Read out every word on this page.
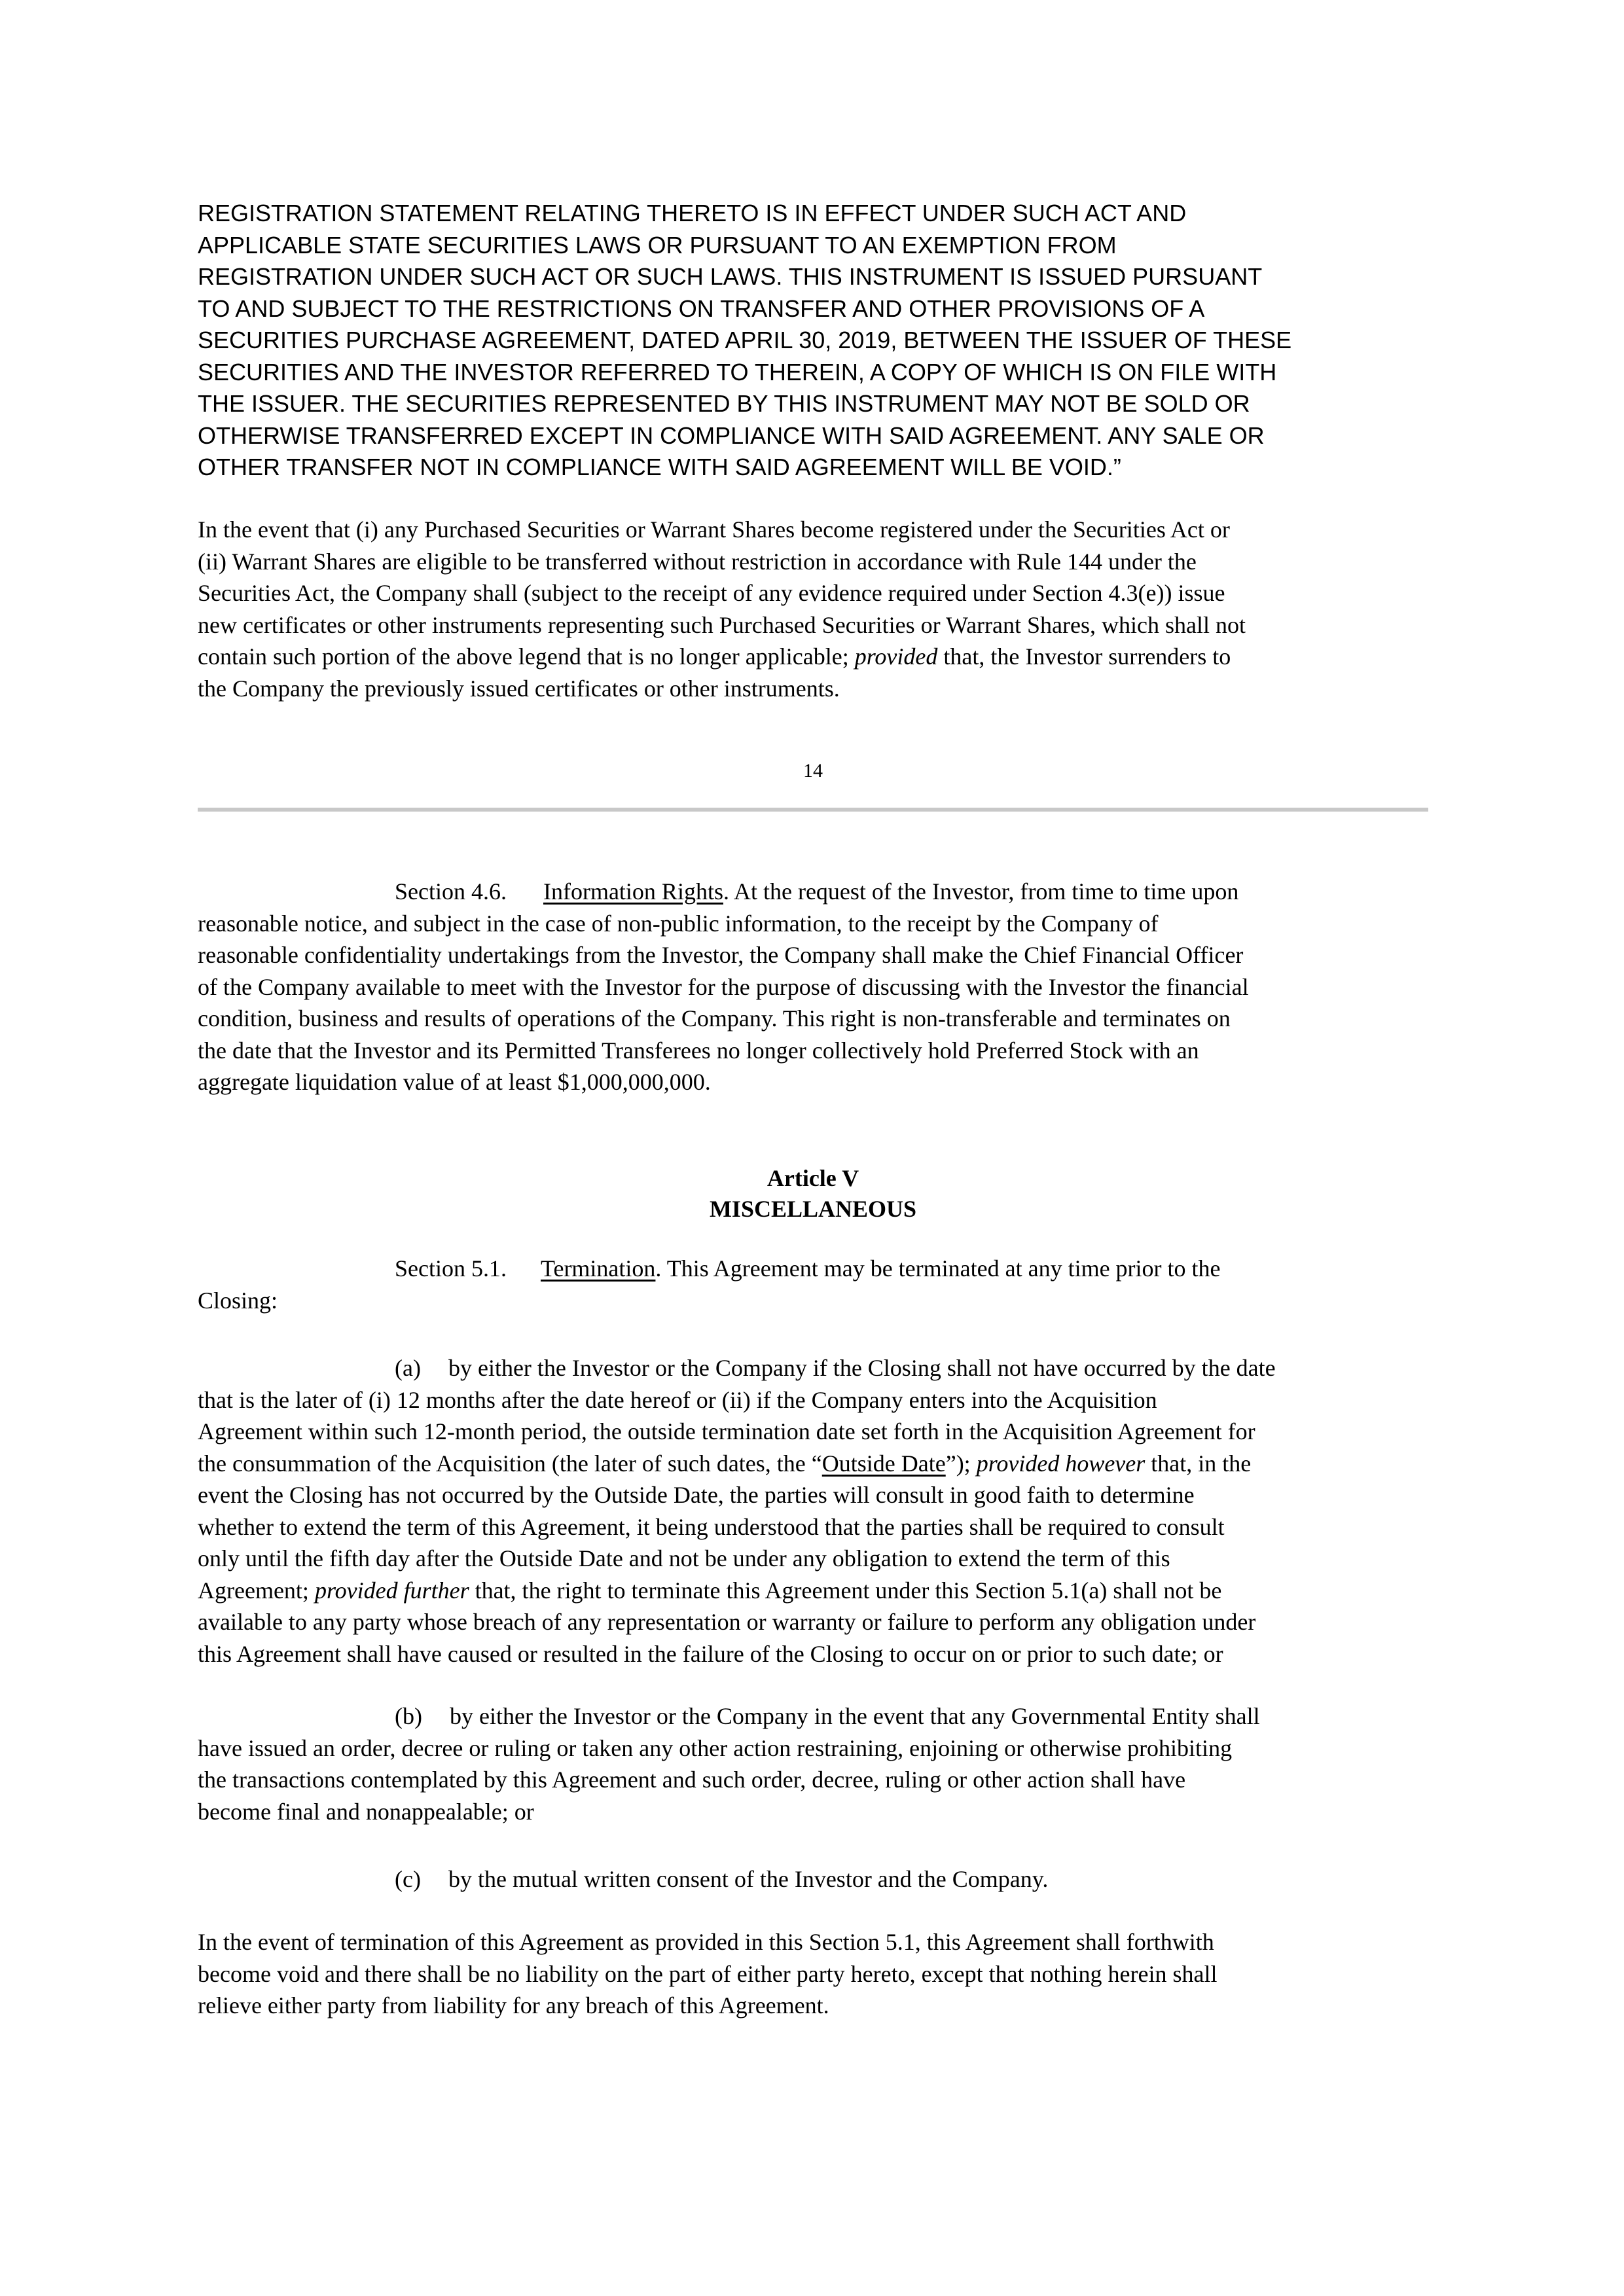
REGISTRATION STATEMENT RELATING THERETO IS IN EFFECT UNDER SUCH ACT AND
APPLICABLE STATE SECURITIES LAWS OR PURSUANT TO AN EXEMPTION FROM
REGISTRATION UNDER SUCH ACT OR SUCH LAWS. THIS INSTRUMENT IS ISSUED PURSUANT
TO AND SUBJECT TO THE RESTRICTIONS ON TRANSFER AND OTHER PROVISIONS OF A
SECURITIES PURCHASE AGREEMENT, DATED APRIL 30, 2019, BETWEEN THE ISSUER OF THESE
SECURITIES AND THE INVESTOR REFERRED TO THEREIN, A COPY OF WHICH IS ON FILE WITH
THE ISSUER. THE SECURITIES REPRESENTED BY THIS INSTRUMENT MAY NOT BE SOLD OR
OTHERWISE TRANSFERRED EXCEPT IN COMPLIANCE WITH SAID AGREEMENT. ANY SALE OR
OTHER TRANSFER NOT IN COMPLIANCE WITH SAID AGREEMENT WILL BE VOID.”
In the event that (i) any Purchased Securities or Warrant Shares become registered under the Securities Act or
(ii) Warrant Shares are eligible to be transferred without restriction in accordance with Rule 144 under the
Securities Act, the Company shall (subject to the receipt of any evidence required under Section 4.3(e)) issue
new certificates or other instruments representing such Purchased Securities or Warrant Shares, which shall not
contain such portion of the above legend that is no longer applicable; provided that, the Investor surrenders to
the Company the previously issued certificates or other instruments.
14
Section 4.6. Information Rights. At the request of the Investor, from time to time upon
reasonable notice, and subject in the case of non-public information, to the receipt by the Company of
reasonable confidentiality undertakings from the Investor, the Company shall make the Chief Financial Officer
of the Company available to meet with the Investor for the purpose of discussing with the Investor the financial
condition, business and results of operations of the Company. This right is non-transferable and terminates on
the date that the Investor and its Permitted Transferees no longer collectively hold Preferred Stock with an
aggregate liquidation value of at least $1,000,000,000.
Article V
MISCELLANEOUS
Section 5.1. Termination. This Agreement may be terminated at any time prior to the
Closing:
(a) by either the Investor or the Company if the Closing shall not have occurred by the date
that is the later of (i) 12 months after the date hereof or (ii) if the Company enters into the Acquisition
Agreement within such 12-month period, the outside termination date set forth in the Acquisition Agreement for
the consummation of the Acquisition (the later of such dates, the “Outside Date”); provided however that, in the
event the Closing has not occurred by the Outside Date, the parties will consult in good faith to determine
whether to extend the term of this Agreement, it being understood that the parties shall be required to consult
only until the fifth day after the Outside Date and not be under any obligation to extend the term of this
Agreement; provided further that, the right to terminate this Agreement under this Section 5.1(a) shall not be
available to any party whose breach of any representation or warranty or failure to perform any obligation under
this Agreement shall have caused or resulted in the failure of the Closing to occur on or prior to such date; or
(b) by either the Investor or the Company in the event that any Governmental Entity shall
have issued an order, decree or ruling or taken any other action restraining, enjoining or otherwise prohibiting
the transactions contemplated by this Agreement and such order, decree, ruling or other action shall have
become final and nonappealable; or
(c) by the mutual written consent of the Investor and the Company.
In the event of termination of this Agreement as provided in this Section 5.1, this Agreement shall forthwith
become void and there shall be no liability on the part of either party hereto, except that nothing herein shall
relieve either party from liability for any breach of this Agreement.
